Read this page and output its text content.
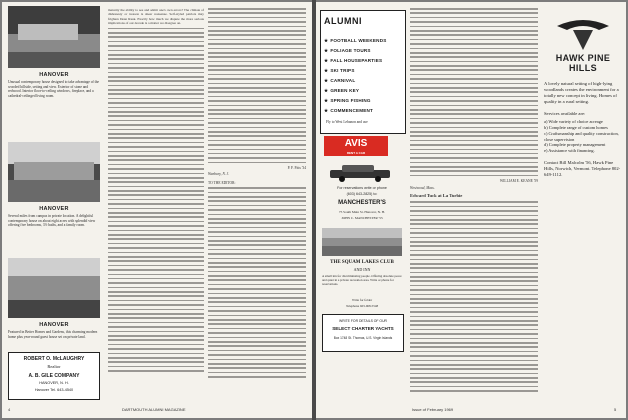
HANOVER
Unusual contemporary house designed to take advantage of the wooded hillside, setting and view. Exterior of stone and redwood. Interior floor-to-ceiling windows, fireplace, and a cathedral-ceilinged living room.
HANOVER
Several miles from campus in private location. A delightful contemporary house on about eight acres with splendid view offering five bedrooms, 3½ baths, and a family room.
HANOVER
Featured in Better Homes and Gardens, this charming modern home plus year-round guest house set on private land.
ROBERT O. McLAUGHRY
Realtor
A. B. GILE COMPANY
HANOVER, N. H.
Hanover Tel. 643-4540

maturity the ability to see and admit one's own errors? The climate of dishonesty or treason is sheer nonsense. Self-styled patriots may frighten Dean Rusk. Exactly how much we dispute the more serious implications of our decade is a matter we disagree on.

P. F. Fitts '34
Wanbury, N. J.
TO THE EDITOR:
4	DARTMOUTH ALUMNI MAGAZINE
ALUMNI
★ FOOTBALL WEEKENDS
★ FOLIAGE TOURS
★ FALL HOUSEPARTIES
★ SKI TRIPS
★ CARNIVAL
★ GREEN KEY
★ SPRING FISHING
★ COMMENCEMENT
Fly to West Lebanon and use
AVIS
RENT A CAR
For reservations write or phone
(603) 643-2825) to:
MANCHESTER'S
75 South Main St. Hanover, N. H.
JOHN C. MANCHESTER '55
THE SQUAM LAKES CLUB
AND INN
A small inn for discriminating people. Offering absolute peace and quiet in a private recreation area. Write or phone for reservations.
Write for folder
Telephone 603-968-5548
WRITE FOR DETAILS OF OUR
SELECT CHARTER YACHTS
Box 1748 St. Thomas, U.S. Virgin Islands
WILLIAM E. KEANE '59
Westwood, Mass.
Edward Tuck at La Turbie
HAWK PINE HILLS
A lovely natural setting of high-lying woodlands creates the environment for a totally new concept in living. Homes of quality in a rural setting.
Services available are:
a) Wide variety of choice acreage
b) Complete range of custom homes
c) Craftsmanship and quality construction, close supervision
d) Complete property management
e) Assistance with financing.
Contact Bill Malcolm '56, Hawk Pine Hills, Norwich, Vermont. Telephone 802-649-1112.
Issue of February 1969	5
